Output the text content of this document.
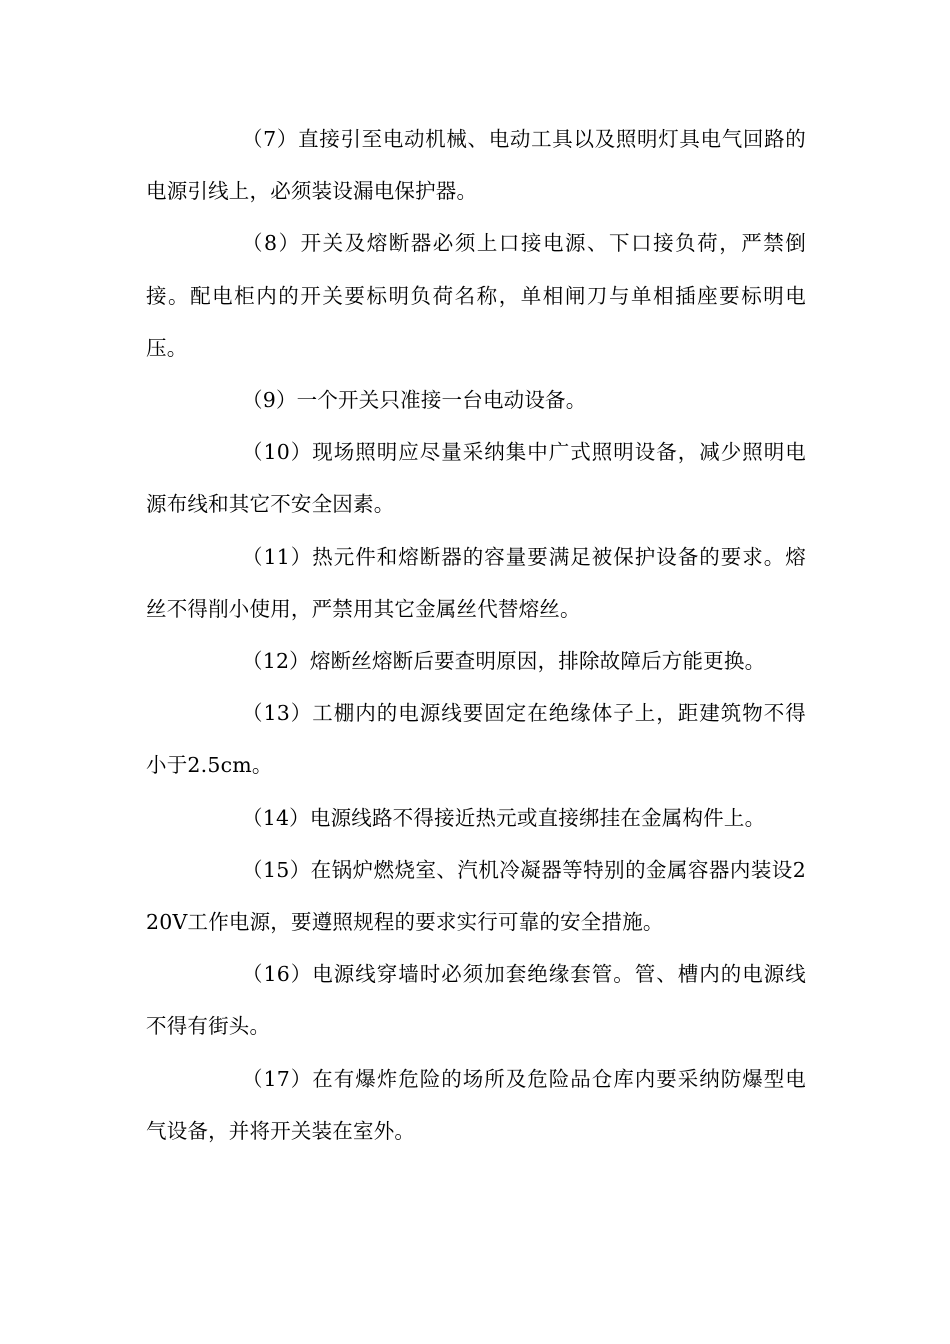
（7）直接引至电动机械、电动工具以及照明灯具电气回路的电源引线上，必须装设漏电保护器。

（8）开关及熔断器必须上口接电源、下口接负荷，严禁倒接。配电柜内的开关要标明负荷名称，单相闸刀与单相插座要标明电压。

（9）一个开关只准接一台电动设备。

（10）现场照明应尽量采纳集中广式照明设备，减少照明电源布线和其它不安全因素。

（11）热元件和熔断器的容量要满足被保护设备的要求。熔丝不得削小使用，严禁用其它金属丝代替熔丝。

（12）熔断丝熔断后要查明原因，排除故障后方能更换。

（13）工棚内的电源线要固定在绝缘体子上，距建筑物不得小于2.5cm。

（14）电源线路不得接近热元或直接绑挂在金属构件上。

（15）在锅炉燃烧室、汽机冷凝器等特别的金属容器内装设220V工作电源，要遵照规程的要求实行可靠的安全措施。

（16）电源线穿墙时必须加套绝缘套管。管、槽内的电源线不得有街头。

（17）在有爆炸危险的场所及危险品仓库内要采纳防爆型电气设备，并将开关装在室外。
